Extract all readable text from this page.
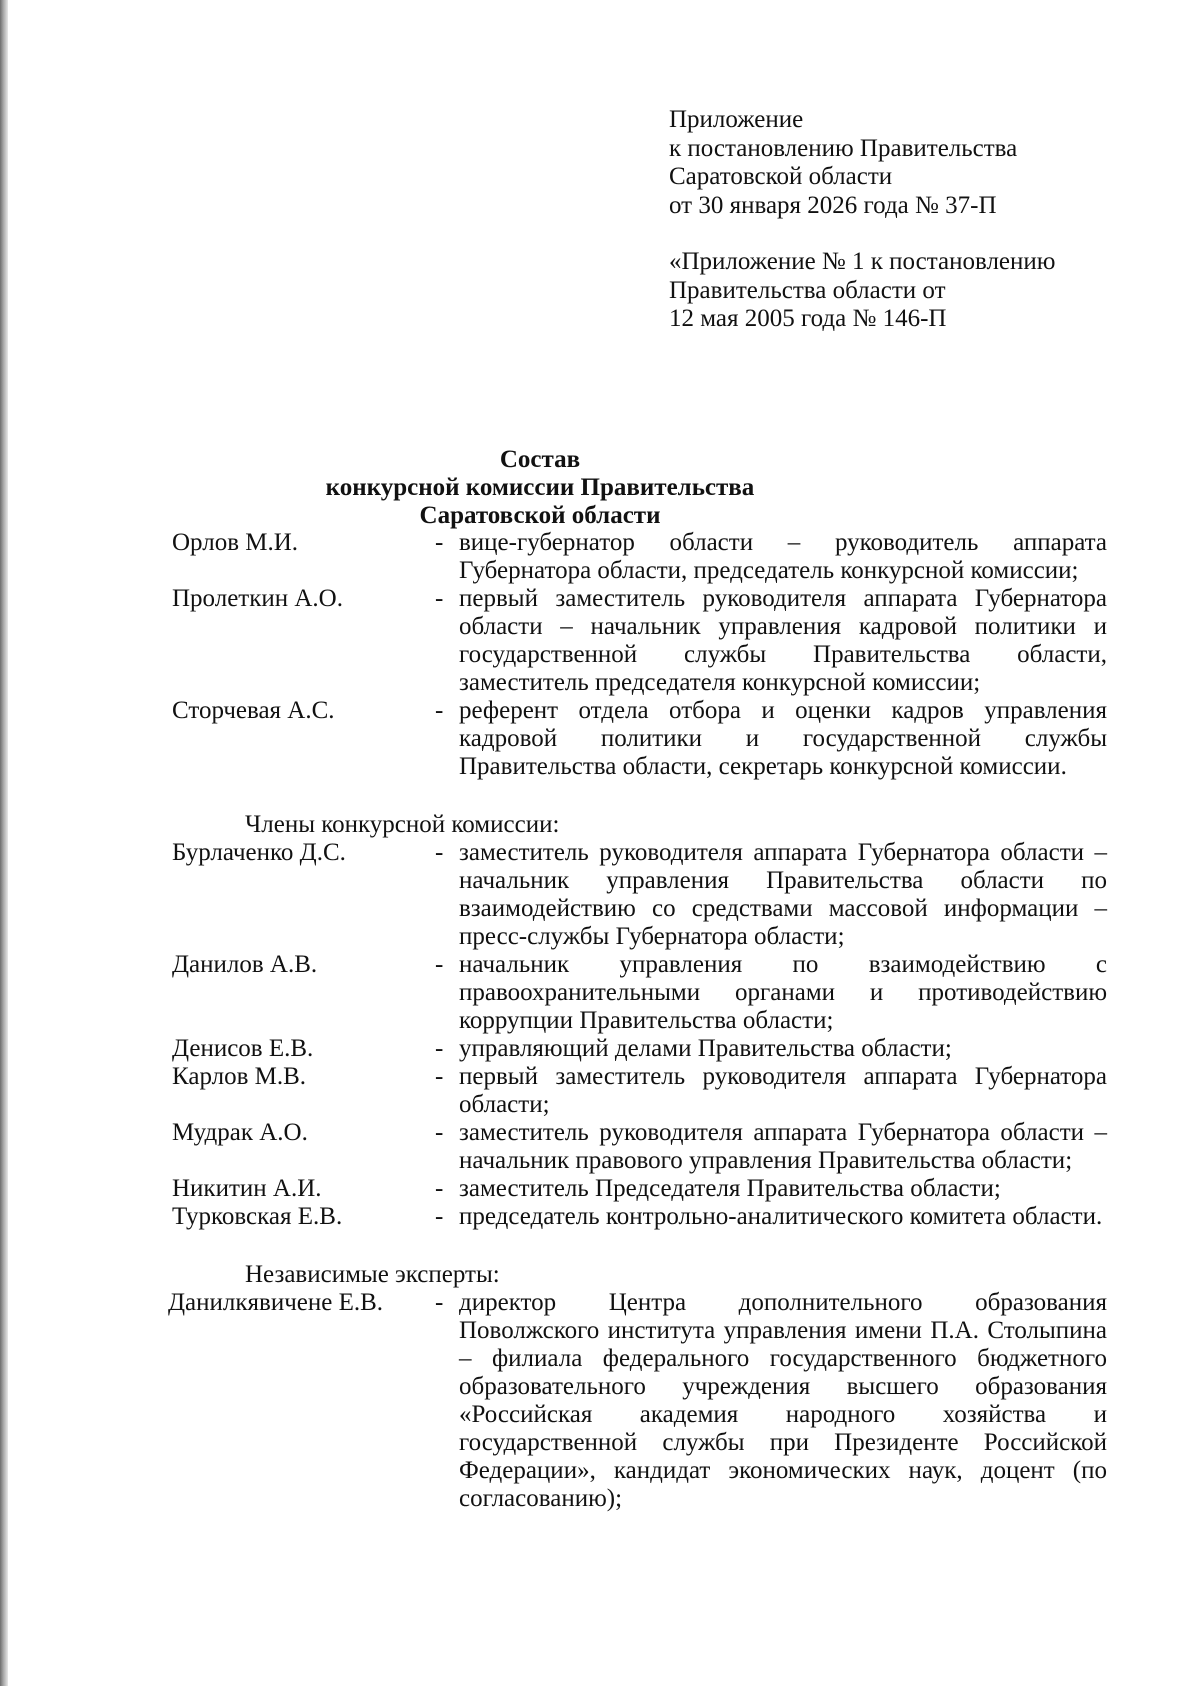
Приложение
к постановлению Правительства
Саратовской области
от 30 января 2026 года № 37-П
«Приложение № 1 к постановлению
Правительства области от
12 мая 2005 года № 146-П
Состав
конкурсной комиссии Правительства
Саратовской области
Орлов М.И.	- вице-губернатор области – руководитель аппарата Губернатора области, председатель конкурсной комиссии;
Пролеткин А.О.	- первый заместитель руководителя аппарата Губернатора области – начальник управления кадровой политики и государственной службы Правительства области, заместитель председателя конкурсной комиссии;
Сторчевая А.С.	- референт отдела отбора и оценки кадров управления кадровой политики и государственной службы Правительства области, секретарь конкурсной комиссии.
Члены конкурсной комиссии:
Бурлаченко Д.С.	- заместитель руководителя аппарата Губернатора области – начальник управления Правительства области по взаимодействию со средствами массовой информации – пресс-службы Губернатора области;
Данилов А.В.	- начальник управления по взаимодействию с правоохранительными органами и противодействию коррупции Правительства области;
Денисов Е.В.	- управляющий делами Правительства области;
Карлов М.В.	- первый заместитель руководителя аппарата Губернатора области;
Мудрак А.О.	- заместитель руководителя аппарата Губернатора области – начальник правового управления Правительства области;
Никитин А.И.	- заместитель Председателя Правительства области;
Турковская Е.В.	- председатель контрольно-аналитического комитета области.
Независимые эксперты:
Данилкявичене Е.В.	- директор Центра дополнительного образования Поволжского института управления имени П.А. Столыпина – филиала федерального государственного бюджетного образовательного учреждения высшего образования «Российская академия народного хозяйства и государственной службы при Президенте Российской Федерации», кандидат экономических наук, доцент (по согласованию);
